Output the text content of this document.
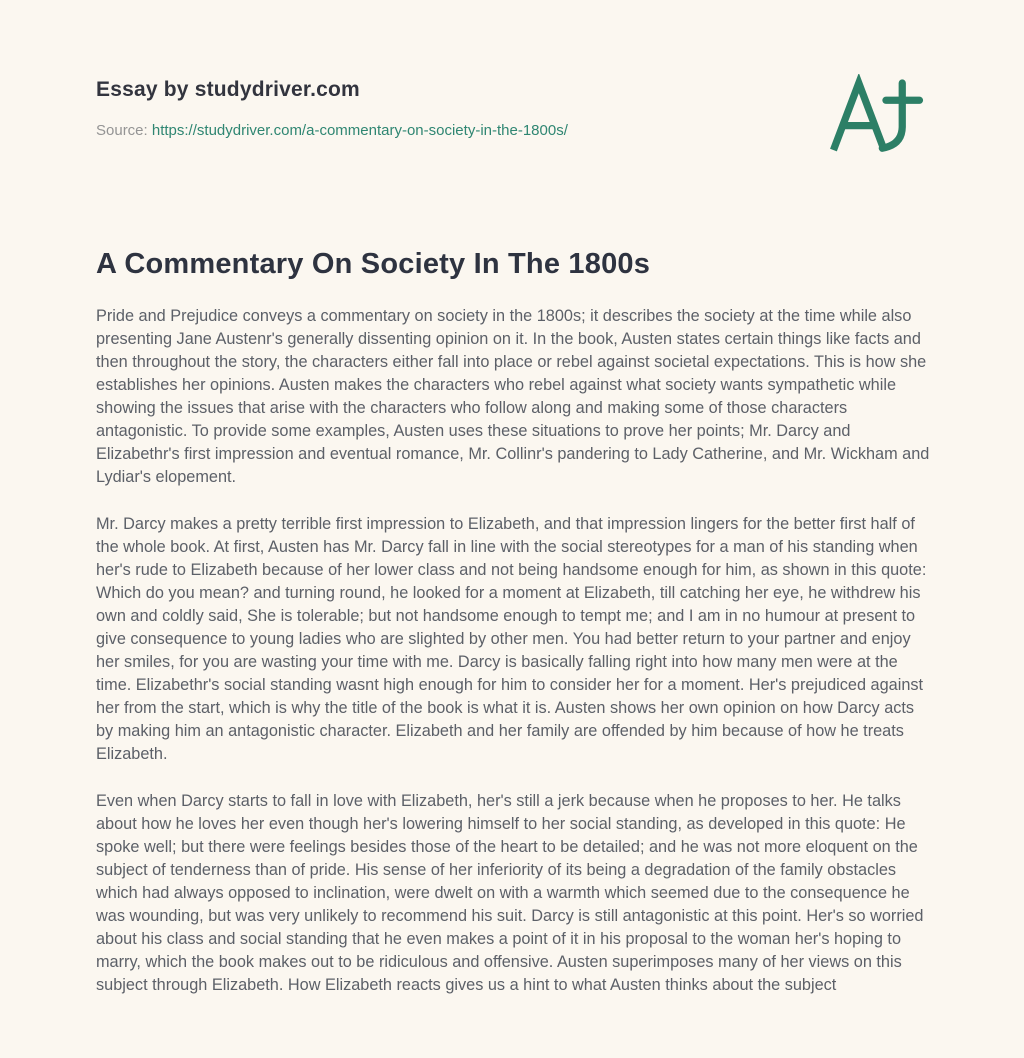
Essay by studydriver.com

Source: https://studydriver.com/a-commentary-on-society-in-the-1800s/

A Commentary On Society In The 1800s

Pride and Prejudice conveys a commentary on society in the 1800s; it describes the society at the time while also presenting Jane Austenr's generally dissenting opinion on it. In the book, Austen states certain things like facts and then throughout the story, the characters either fall into place or rebel against societal expectations. This is how she establishes her opinions. Austen makes the characters who rebel against what society wants sympathetic while showing the issues that arise with the characters who follow along and making some of those characters antagonistic. To provide some examples, Austen uses these situations to prove her points; Mr. Darcy and Elizabethr's first impression and eventual romance, Mr. Collinr's pandering to Lady Catherine, and Mr. Wickham and Lydiar's elopement.

Mr. Darcy makes a pretty terrible first impression to Elizabeth, and that impression lingers for the better first half of the whole book. At first, Austen has Mr. Darcy fall in line with the social stereotypes for a man of his standing when her's rude to Elizabeth because of her lower class and not being handsome enough for him, as shown in this quote: Which do you mean? and turning round, he looked for a moment at Elizabeth, till catching her eye, he withdrew his own and coldly said, She is tolerable; but not handsome enough to tempt me; and I am in no humour at present to give consequence to young ladies who are slighted by other men. You had better return to your partner and enjoy her smiles, for you are wasting your time with me. Darcy is basically falling right into how many men were at the time. Elizabethr's social standing wasnt high enough for him to consider her for a moment. Her's prejudiced against her from the start, which is why the title of the book is what it is. Austen shows her own opinion on how Darcy acts by making him an antagonistic character. Elizabeth and her family are offended by him because of how he treats Elizabeth.

Even when Darcy starts to fall in love with Elizabeth, her's still a jerk because when he proposes to her. He talks about how he loves her even though her's lowering himself to her social standing, as developed in this quote: He spoke well; but there were feelings besides those of the heart to be detailed; and he was not more eloquent on the subject of tenderness than of pride. His sense of her inferiority of its being a degradation of the family obstacles which had always opposed to inclination, were dwelt on with a warmth which seemed due to the consequence he was wounding, but was very unlikely to recommend his suit. Darcy is still antagonistic at this point. Her's so worried about his class and social standing that he even makes a point of it in his proposal to the woman her's hoping to marry, which the book makes out to be ridiculous and offensive. Austen superimposes many of her views on this subject through Elizabeth. How Elizabeth reacts gives us a hint to what Austen thinks about the subject
